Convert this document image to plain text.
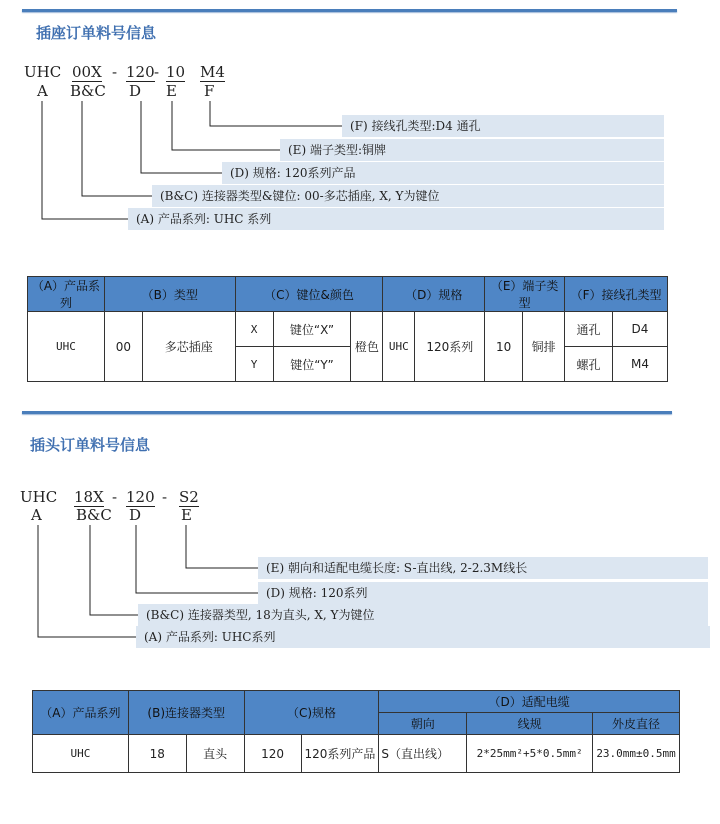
插座订单料号信息
UHC 00X - 120 - 10 M4
A B&C D E F
(F) 接线孔类型:D4 通孔
(E) 端子类型:铜牌
(D) 规格: 120系列产品
(B&C) 连接器类型&键位: 00-多芯插座, X, Y为键位
(A) 产品系列: UHC 系列
（A）产品系列	（B）类型		（C）键位&颜色			（D）规格		（E）端子类型		（F）接线孔类型	
UHC	00	多芯插座	X	键位“X”	橙色	UHC	120系列	10	铜排	通孔	D4
			Y	键位“Y”						螺孔	M4
插头订单料号信息
UHC 18X - 120 - S2
A B&C D	E
(E) 朝向和适配电缆长度: S-直出线, 2-2.3M线长
(D) 规格: 120系列
(B&C) 连接器类型, 18为直头, X, Y为键位
(A) 产品系列: UHC系列
（A）产品系列	(B)连接器类型		（C)规格		（D）适配电缆		
					朝向	线规	外皮直径
UHC	18	直头	120	120系列产品	S（直出线）	2*25mm²+5*0.5mm²	23.0mm±0.5mm
